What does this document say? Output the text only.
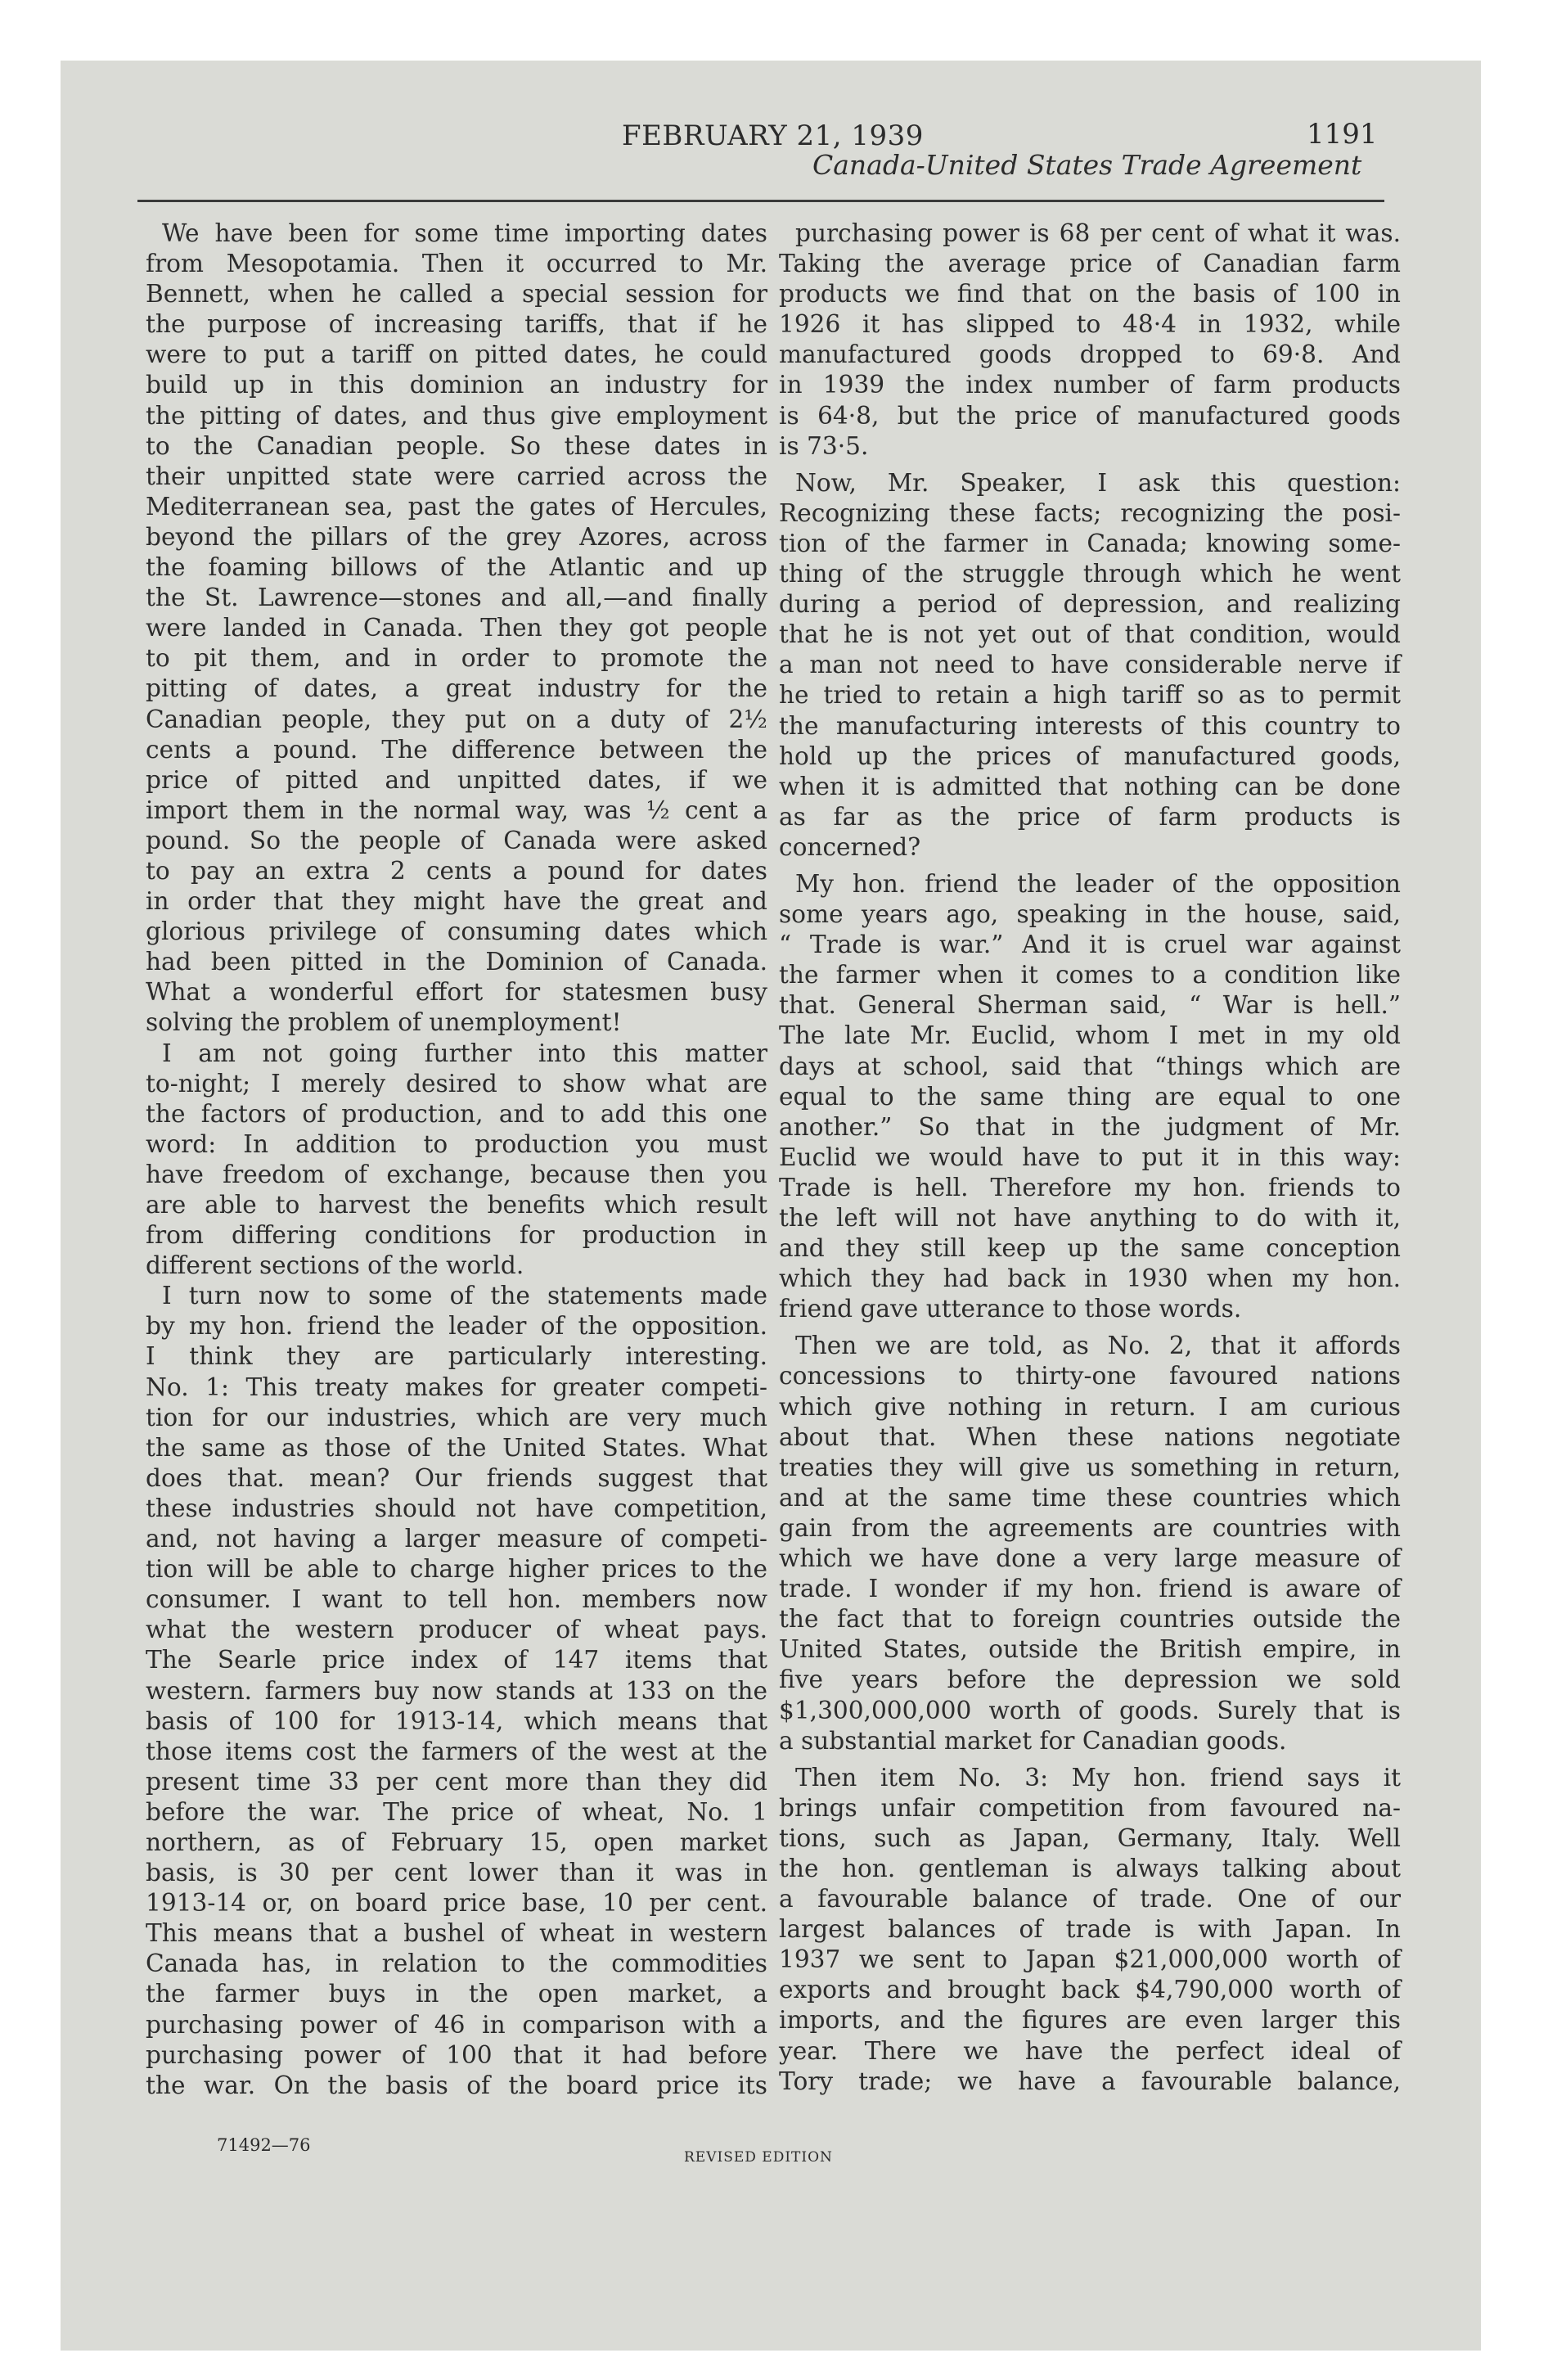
FEBRUARY 21, 1939	1191
Canada-United States Trade Agreement
We have been for some time importing dates
from Mesopotamia. Then it occurred to Mr.
Bennett, when he called a special session for
the purpose of increasing tariffs, that if he
were to put a tariff on pitted dates, he could
build up in this dominion an industry for
the pitting of dates, and thus give employment
to the Canadian people. So these dates in
their unpitted state were carried across the
Mediterranean sea, past the gates of Hercules,
beyond the pillars of the grey Azores, across
the foaming billows of the Atlantic and up
the St. Lawrence—stones and all,—and finally
were landed in Canada. Then they got people
to pit them, and in order to promote the
pitting of dates, a great industry for the
Canadian people, they put on a duty of 2½
cents a pound. The difference between the
price of pitted and unpitted dates, if we
import them in the normal way, was ½ cent a
pound. So the people of Canada were asked
to pay an extra 2 cents a pound for dates
in order that they might have the great and
glorious privilege of consuming dates which
had been pitted in the Dominion of Canada.
What a wonderful effort for statesmen busy
solving the problem of unemployment!
I am not going further into this matter
to-night; I merely desired to show what are
the factors of production, and to add this one
word: In addition to production you must
have freedom of exchange, because then you
are able to harvest the benefits which result
from differing conditions for production in
different sections of the world.
I turn now to some of the statements made
by my hon. friend the leader of the opposition.
I think they are particularly interesting.
No. 1: This treaty makes for greater competi-
tion for our industries, which are very much
the same as those of the United States. What
does that. mean? Our friends suggest that
these industries should not have competition,
and, not having a larger measure of competi-
tion will be able to charge higher prices to the
consumer. I want to tell hon. members now
what the western producer of wheat pays.
The Searle price index of 147 items that
western. farmers buy now stands at 133 on the
basis of 100 for 1913-14, which means that
those items cost the farmers of the west at the
present time 33 per cent more than they did
before the war. The price of wheat, No. 1
northern, as of February 15, open market
basis, is 30 per cent lower than it was in
1913-14 or, on board price base, 10 per cent.
This means that a bushel of wheat in western
Canada has, in relation to the commodities
the farmer buys in the open market, a
purchasing power of 46 in comparison with a
purchasing power of 100 that it had before
the war. On the basis of the board price its
purchasing power is 68 per cent of what it was.
Taking the average price of Canadian farm
products we find that on the basis of 100 in
1926 it has slipped to 48·4 in 1932, while
manufactured goods dropped to 69·8. And
in 1939 the index number of farm products
is 64·8, but the price of manufactured goods
is 73·5.
Now, Mr. Speaker, I ask this question:
Recognizing these facts; recognizing the posi-
tion of the farmer in Canada; knowing some-
thing of the struggle through which he went
during a period of depression, and realizing
that he is not yet out of that condition, would
a man not need to have considerable nerve if
he tried to retain a high tariff so as to permit
the manufacturing interests of this country to
hold up the prices of manufactured goods,
when it is admitted that nothing can be done
as far as the price of farm products is
concerned?
My hon. friend the leader of the opposition
some years ago, speaking in the house, said,
“ Trade is war.” And it is cruel war against
the farmer when it comes to a condition like
that. General Sherman said, “ War is hell.”
The late Mr. Euclid, whom I met in my old
days at school, said that “things which are
equal to the same thing are equal to one
another.” So that in the judgment of Mr.
Euclid we would have to put it in this way:
Trade is hell. Therefore my hon. friends to
the left will not have anything to do with it,
and they still keep up the same conception
which they had back in 1930 when my hon.
friend gave utterance to those words.
Then we are told, as No. 2, that it affords
concessions to thirty-one favoured nations
which give nothing in return. I am curious
about that. When these nations negotiate
treaties they will give us something in return,
and at the same time these countries which
gain from the agreements are countries with
which we have done a very large measure of
trade. I wonder if my hon. friend is aware of
the fact that to foreign countries outside the
United States, outside the British empire, in
five years before the depression we sold
$1,300,000,000 worth of goods. Surely that is
a substantial market for Canadian goods.
Then item No. 3: My hon. friend says it
brings unfair competition from favoured na-
tions, such as Japan, Germany, Italy. Well
the hon. gentleman is always talking about
a favourable balance of trade. One of our
largest balances of trade is with Japan. In
1937 we sent to Japan $21,000,000 worth of
exports and brought back $4,790,000 worth of
imports, and the figures are even larger this
year. There we have the perfect ideal of
Tory trade; we have a favourable balance,
71492—76
REVISED EDITION
